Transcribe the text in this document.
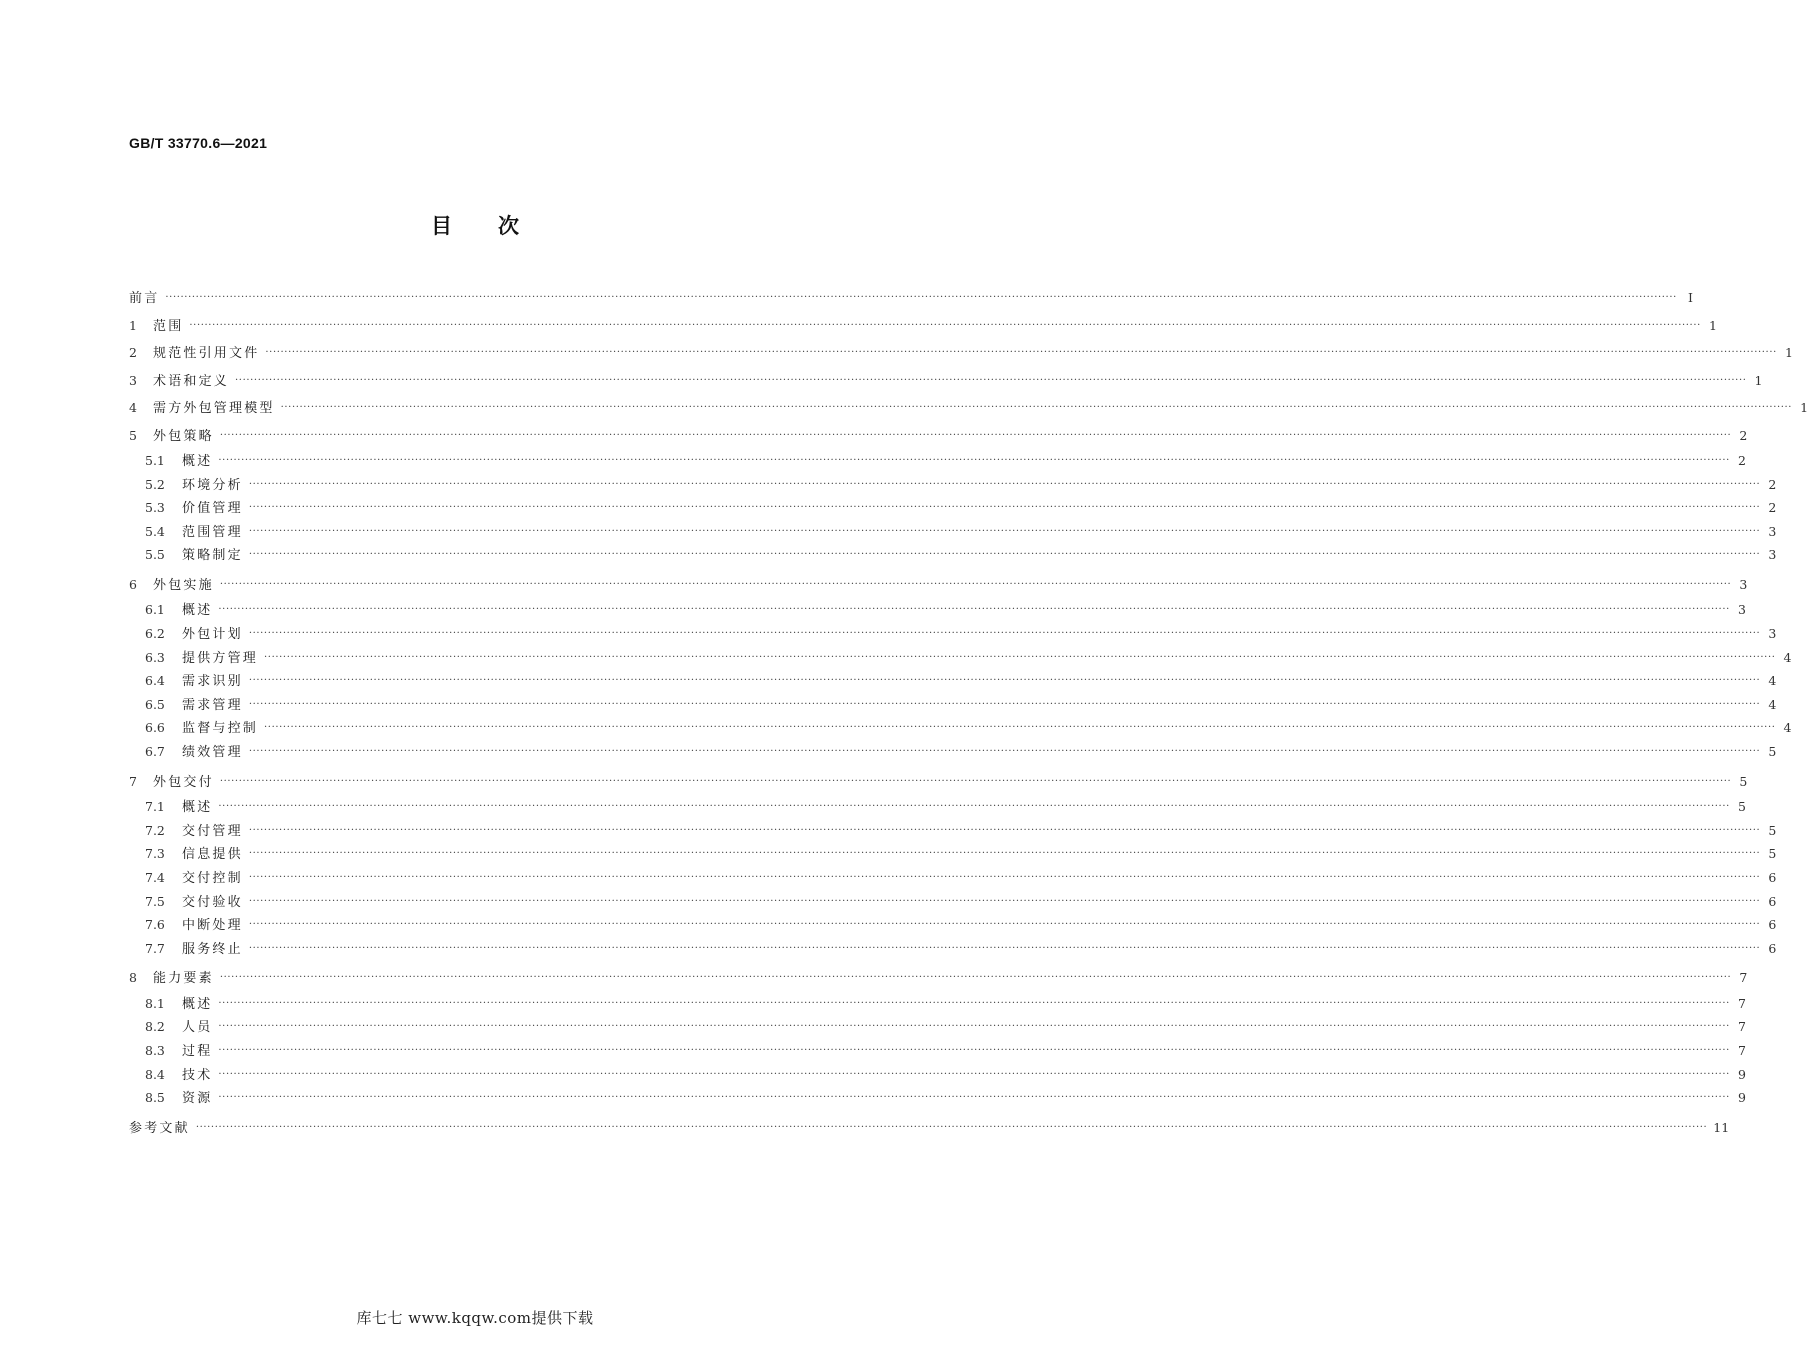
GB/T 33770.6—2021
目次
前言 ················································································································································································································································································································································································································ I
1	范围 ················································································································································································································································································································································································································ 1
2	规范性引用文件 ················································································································································································································································································································································································································ 1
3	术语和定义 ················································································································································································································································································································································································································ 1
4	需方外包管理模型 ················································································································································································································································································································································································································ 1
5	外包策略 ················································································································································································································································································································································································································ 2
5.1	概述 ················································································································································································································································································································································································································ 2
5.2	环境分析 ················································································································································································································································································································································································································ 2
5.3	价值管理 ················································································································································································································································································································································································································ 2
5.4	范围管理 ················································································································································································································································································································································································································ 3
5.5	策略制定 ················································································································································································································································································································································································································ 3
6	外包实施 ················································································································································································································································································································································································································ 3
6.1	概述 ················································································································································································································································································································································································································ 3
6.2	外包计划 ················································································································································································································································································································································································································ 3
6.3	提供方管理 ················································································································································································································································································································································································································ 4
6.4	需求识别 ················································································································································································································································································································································································································ 4
6.5	需求管理 ················································································································································································································································································································································································································ 4
6.6	监督与控制 ················································································································································································································································································································································································································ 4
6.7	绩效管理 ················································································································································································································································································································································································································ 5
7	外包交付 ················································································································································································································································································································································································································ 5
7.1	概述 ················································································································································································································································································································································································································ 5
7.2	交付管理 ················································································································································································································································································································································································································ 5
7.3	信息提供 ················································································································································································································································································································································································································ 5
7.4	交付控制 ················································································································································································································································································································································································································ 6
7.5	交付验收 ················································································································································································································································································································································································································ 6
7.6	中断处理 ················································································································································································································································································································································································································ 6
7.7	服务终止 ················································································································································································································································································································································································································ 6
8	能力要素 ················································································································································································································································································································································································································ 7
8.1	概述 ················································································································································································································································································································································································································ 7
8.2	人员 ················································································································································································································································································································································································································ 7
8.3	过程 ················································································································································································································································································································································································································ 7
8.4	技术 ················································································································································································································································································································································································································ 9
8.5	资源 ················································································································································································································································································································································································································ 9
参考文献 ················································································································································································································································································································································································································ 11
库七七 www.kqqw.com提供下载
